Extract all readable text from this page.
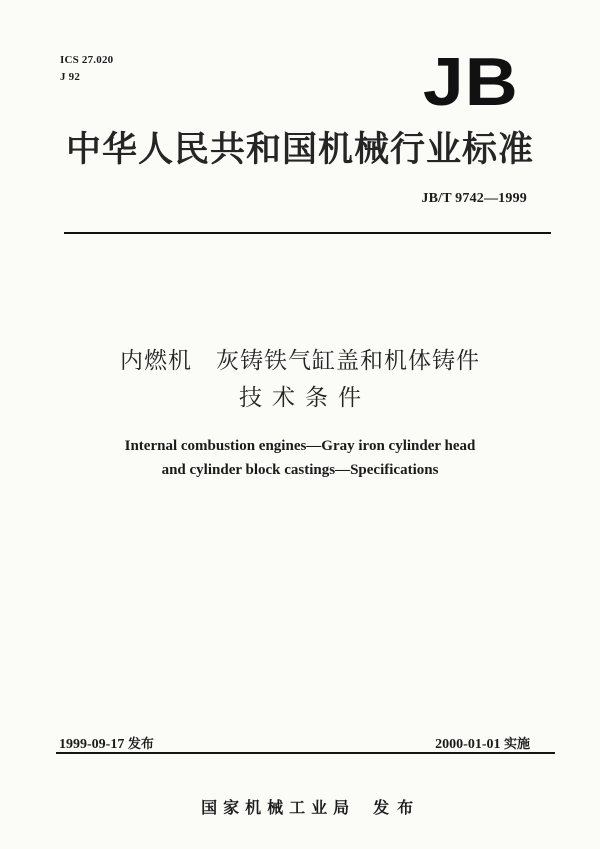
ICS 27.020
J 92	JB
中华人民共和国机械行业标准
JB/T 9742—1999
内燃机　灰铸铁气缸盖和机体铸件
技术条件
Internal combustion engines—Gray iron cylinder head
and cylinder block castings—Specifications
1999-09-17 发布	2000-01-01 实施

国家机械工业局 发布
